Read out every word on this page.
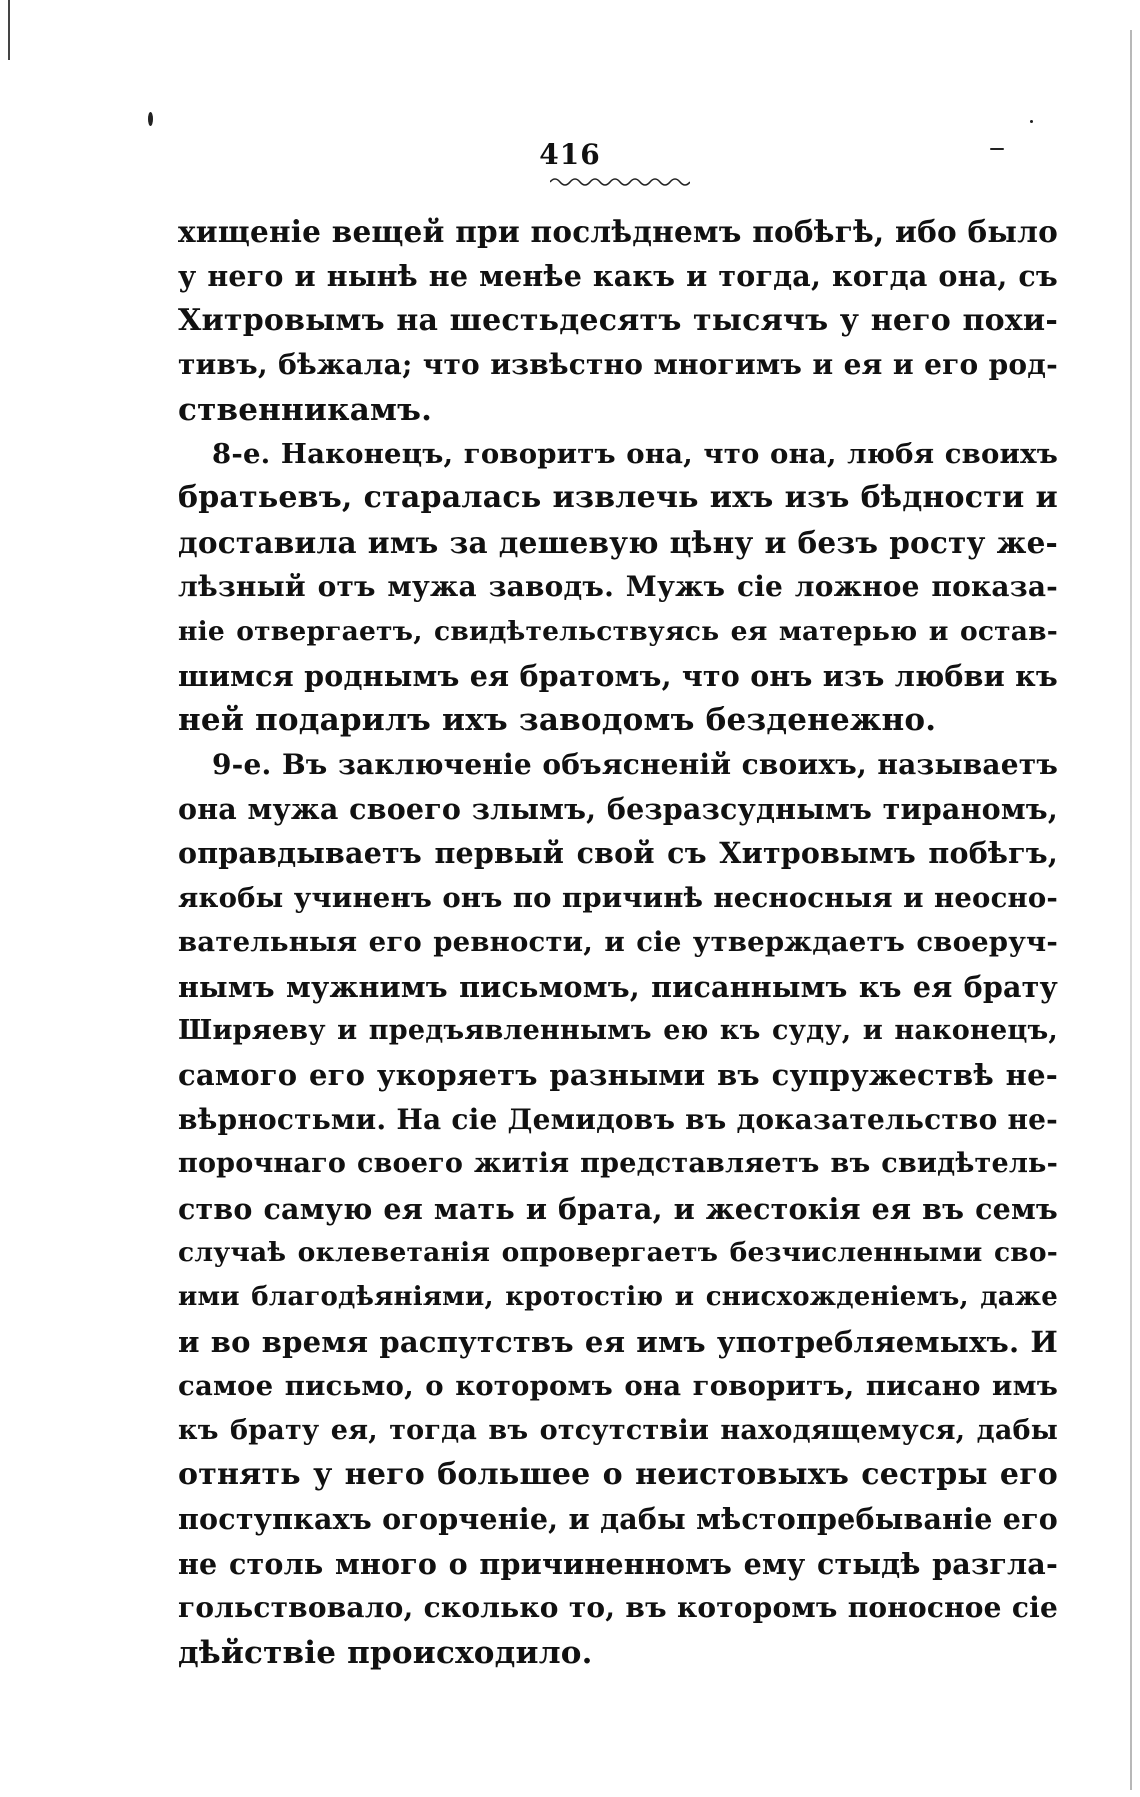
416
хищеніе вещей при послѣднемъ побѣгѣ, ибо было
у него и нынѣ не менѣе какъ и тогда, когда она, съ
Хитровымъ на шестьдесятъ тысячъ у него похи-
тивъ, бѣжала; что извѣстно многимъ и ея и его род-
ственникамъ.
8-е. Наконецъ, говоритъ она, что она, любя своихъ
братьевъ, старалась извлечь ихъ изъ бѣдности и
доставила имъ за дешевую цѣну и безъ росту же-
лѣзный отъ мужа заводъ. Мужъ сіе ложное показа-
ніе отвергаетъ, свидѣтельствуясь ея матерью и остав-
шимся роднымъ ея братомъ, что онъ изъ любви къ
ней подарилъ ихъ заводомъ безденежно.
9-е. Въ заключеніе объясненій своихъ, называетъ
она мужа своего злымъ, безразсуднымъ тираномъ,
оправдываетъ первый свой съ Хитровымъ побѣгъ,
якобы учиненъ онъ по причинѣ несносныя и неосно-
вательныя его ревности, и сіе утверждаетъ своеруч-
нымъ мужнимъ письмомъ, писаннымъ къ ея брату
Ширяеву и предъявленнымъ ею къ суду, и наконецъ,
самого его укоряетъ разными въ супружествѣ не-
вѣрностьми. На сіе Демидовъ въ доказательство не-
порочнаго своего житія представляетъ въ свидѣтель-
ство самую ея мать и брата, и жестокія ея въ семъ
случаѣ оклеветанія опровергаетъ безчисленными сво-
ими благодѣяніями, кротостію и снисхожденіемъ, даже
и во время распутствъ ея имъ употребляемыхъ. И
самое письмо, о которомъ она говоритъ, писано имъ
къ брату ея, тогда въ отсутствіи находящемуся, дабы
отнять у него большее о неистовыхъ сестры его
поступкахъ огорченіе, и дабы мѣстопребываніе его
не столь много о причиненномъ ему стыдѣ разгла-
гольствовало, сколько то, въ которомъ поносное сіе
дѣйствіе происходило.
